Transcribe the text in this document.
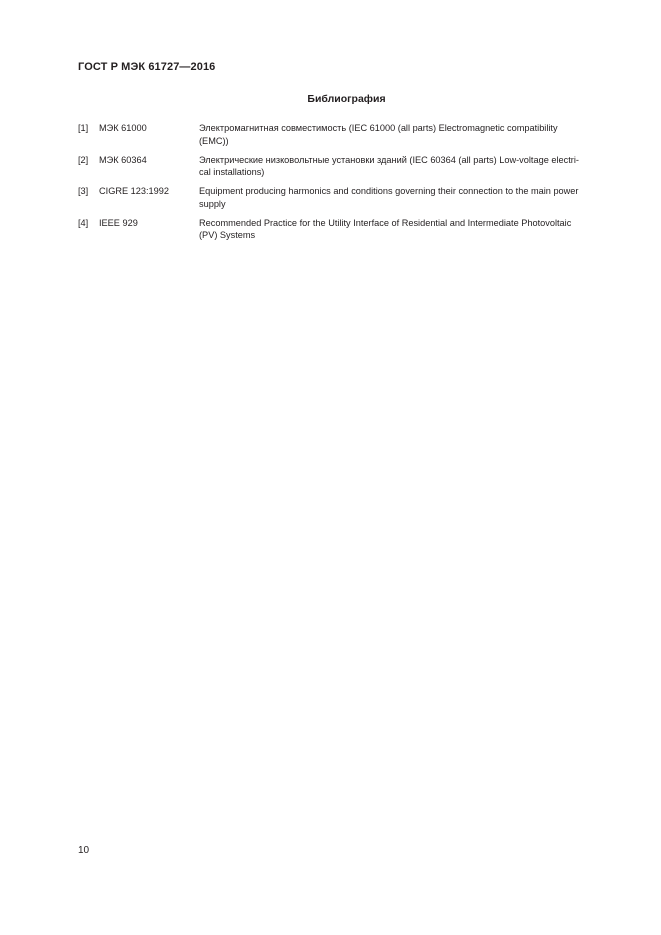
ГОСТ Р МЭК 61727—2016
Библиография
[1]	МЭК 61000	Электромагнитная совместимость (IEC 61000 (all parts) Electromagnetic compatibility
(EMC))
[2]	МЭК 60364	Электрические низковольтные установки зданий (IEC 60364 (all parts) Low-voltage electri-
cal installations)
[3]	CIGRE 123:1992	Equipment producing harmonics and conditions governing their connection to the main power
supply
[4]	IEEE 929	Recommended Practice for the Utility Interface of Residential and Intermediate Photovoltaic
(PV) Systems
10
